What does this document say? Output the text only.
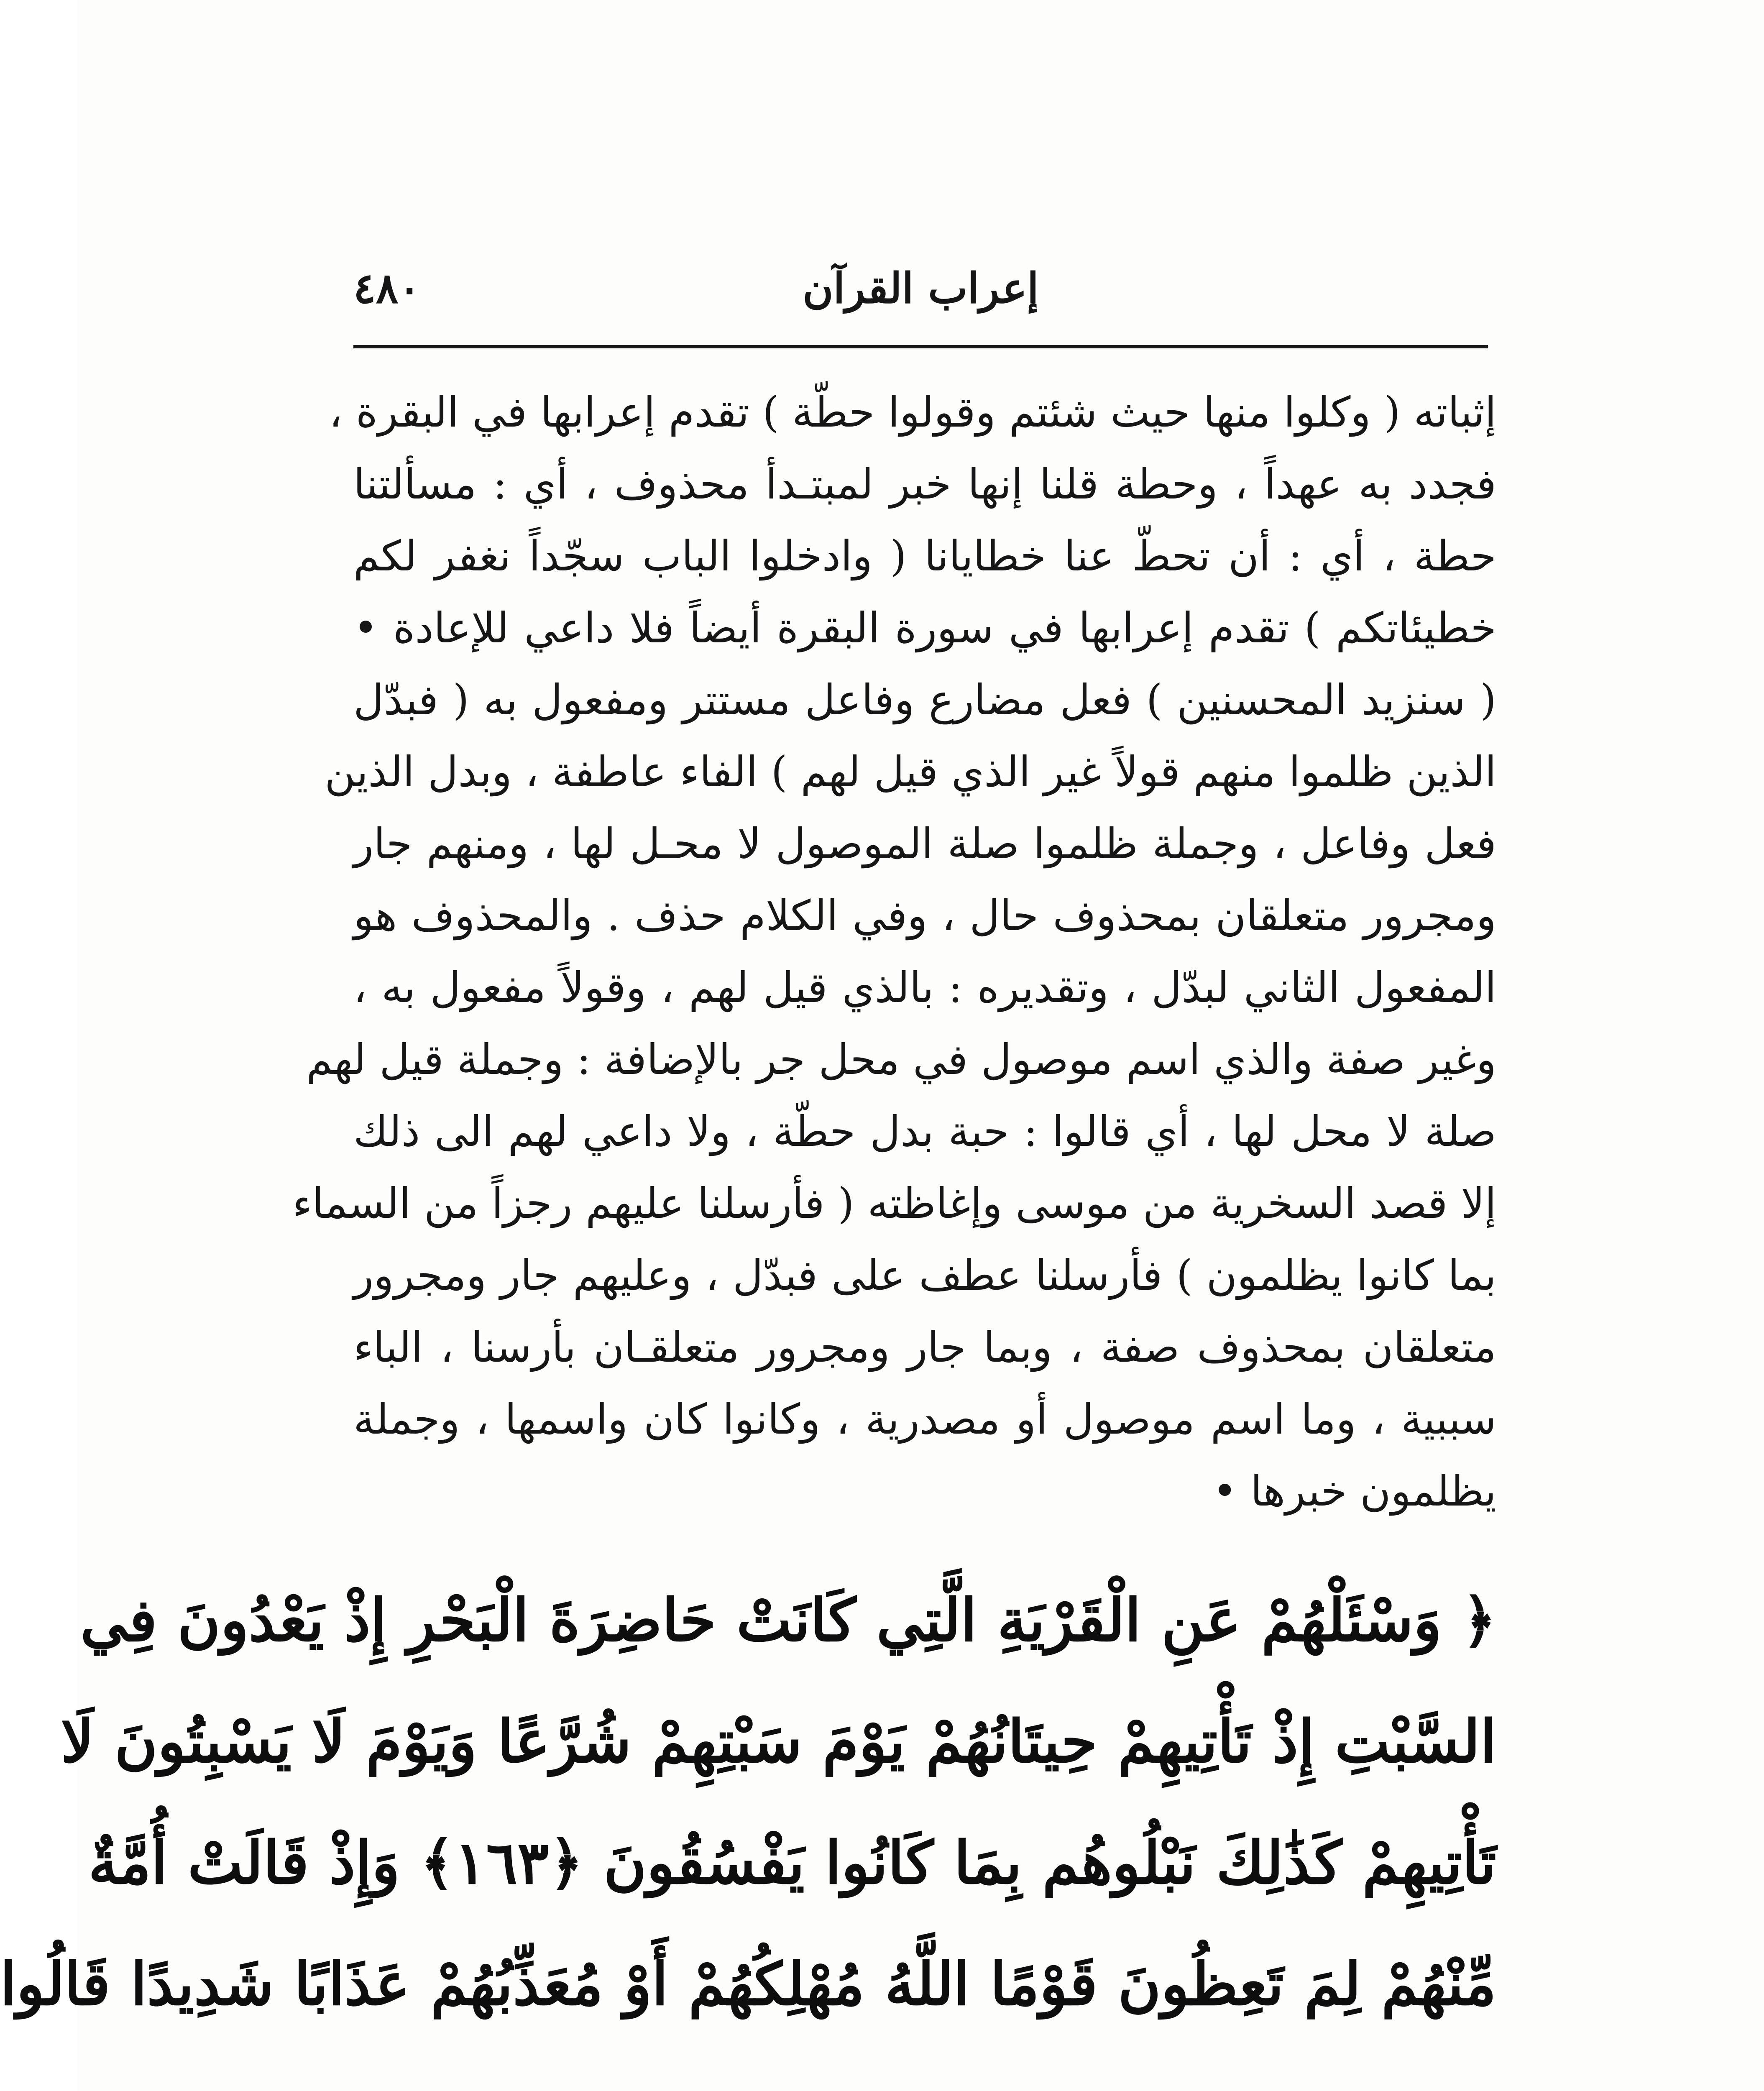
٤٨٠	إعراب القرآن
إثباته ( وكلوا منها حيث شئتم وقولوا حطّة ) تقدم إعرابها في البقرة ،
فجدد به عهداً ، وحطة قلنا إنها خبر لمبتـدأ محذوف ، أي : مسألتنا
حطة ، أي : أن تحطّ عنا خطايانا ( وادخلوا الباب سجّداً نغفر لكم
خطيئاتكم ) تقدم إعرابها في سورة البقرة أيضاً فلا داعي للإعادة •
( سنزيد المحسنين ) فعل مضارع وفاعل مستتر ومفعول به ( فبدّل
الذين ظلموا منهم قولاً غير الذي قيل لهم ) الفاء عاطفة ، وبدل الذين
فعل وفاعل ، وجملة ظلموا صلة الموصول لا محـل لها ، ومنهم جار
ومجرور متعلقان بمحذوف حال ، وفي الكلام حذف . والمحذوف هو
المفعول الثاني لبدّل ، وتقديره : بالذي قيل لهم ، وقولاً مفعول به ،
وغير صفة والذي اسم موصول في محل جر بالإضافة : وجملة قيل لهم
صلة لا محل لها ، أي قالوا : حبة بدل حطّة ، ولا داعي لهم الى ذلك
إلا قصد السخرية من موسى وإغاظته ( فأرسلنا عليهم رجزاً من السماء
بما كانوا يظلمون ) فأرسلنا عطف على فبدّل ، وعليهم جار ومجرور
متعلقان بمحذوف صفة ، وبما جار ومجرور متعلقـان بأرسنا ، الباء
سببية ، وما اسم موصول أو مصدرية ، وكانوا كان واسمها ، وجملة
يظلمون خبرها •
﴿ وَسْئَلْهُمْ عَنِ الْقَرْيَةِ الَّتِي كَانَتْ حَاضِرَةَ الْبَحْرِ إِذْ يَعْدُونَ فِي
السَّبْتِ إِذْ تَأْتِيهِمْ حِيتَانُهُمْ يَوْمَ سَبْتِهِمْ شُرَّعًا وَيَوْمَ لَا يَسْبِتُونَ لَا
تَأْتِيهِمْ كَذَٰلِكَ نَبْلُوهُم بِمَا كَانُوا يَفْسُقُونَ ﴿١٦٣﴾ وَإِذْ قَالَتْ أُمَّةٌ
مِّنْهُمْ لِمَ تَعِظُونَ قَوْمًا اللَّهُ مُهْلِكُهُمْ أَوْ مُعَذِّبُهُمْ عَذَابًا شَدِيدًا قَالُوا
